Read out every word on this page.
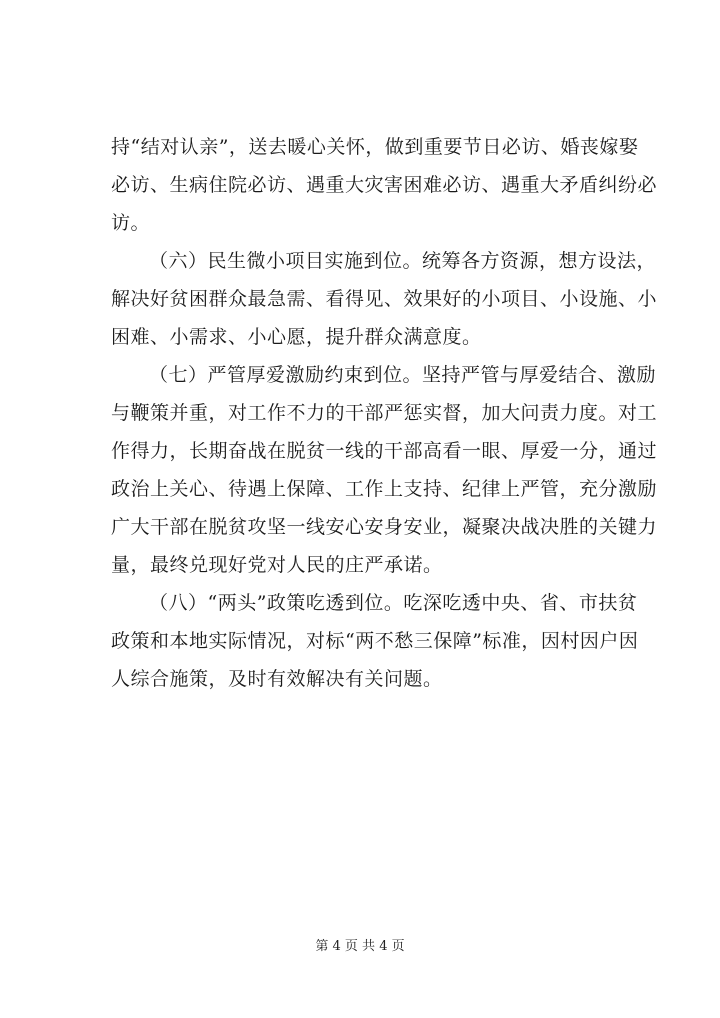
持“结对认亲”，送去暖心关怀，做到重要节日必访、婚丧嫁娶
必访、生病住院必访、遇重大灾害困难必访、遇重大矛盾纠纷必
访。
（六）民生微小项目实施到位。统筹各方资源，想方设法，
解决好贫困群众最急需、看得见、效果好的小项目、小设施、小
困难、小需求、小心愿，提升群众满意度。
（七）严管厚爱激励约束到位。坚持严管与厚爱结合、激励
与鞭策并重，对工作不力的干部严惩实督，加大问责力度。对工
作得力，长期奋战在脱贫一线的干部高看一眼、厚爱一分，通过
政治上关心、待遇上保障、工作上支持、纪律上严管，充分激励
广大干部在脱贫攻坚一线安心安身安业，凝聚决战决胜的关键力
量，最终兑现好党对人民的庄严承诺。
（八）“两头”政策吃透到位。吃深吃透中央、省、市扶贫
政策和本地实际情况，对标“两不愁三保障”标准，因村因户因
人综合施策，及时有效解决有关问题。
第 4 页 共 4 页
